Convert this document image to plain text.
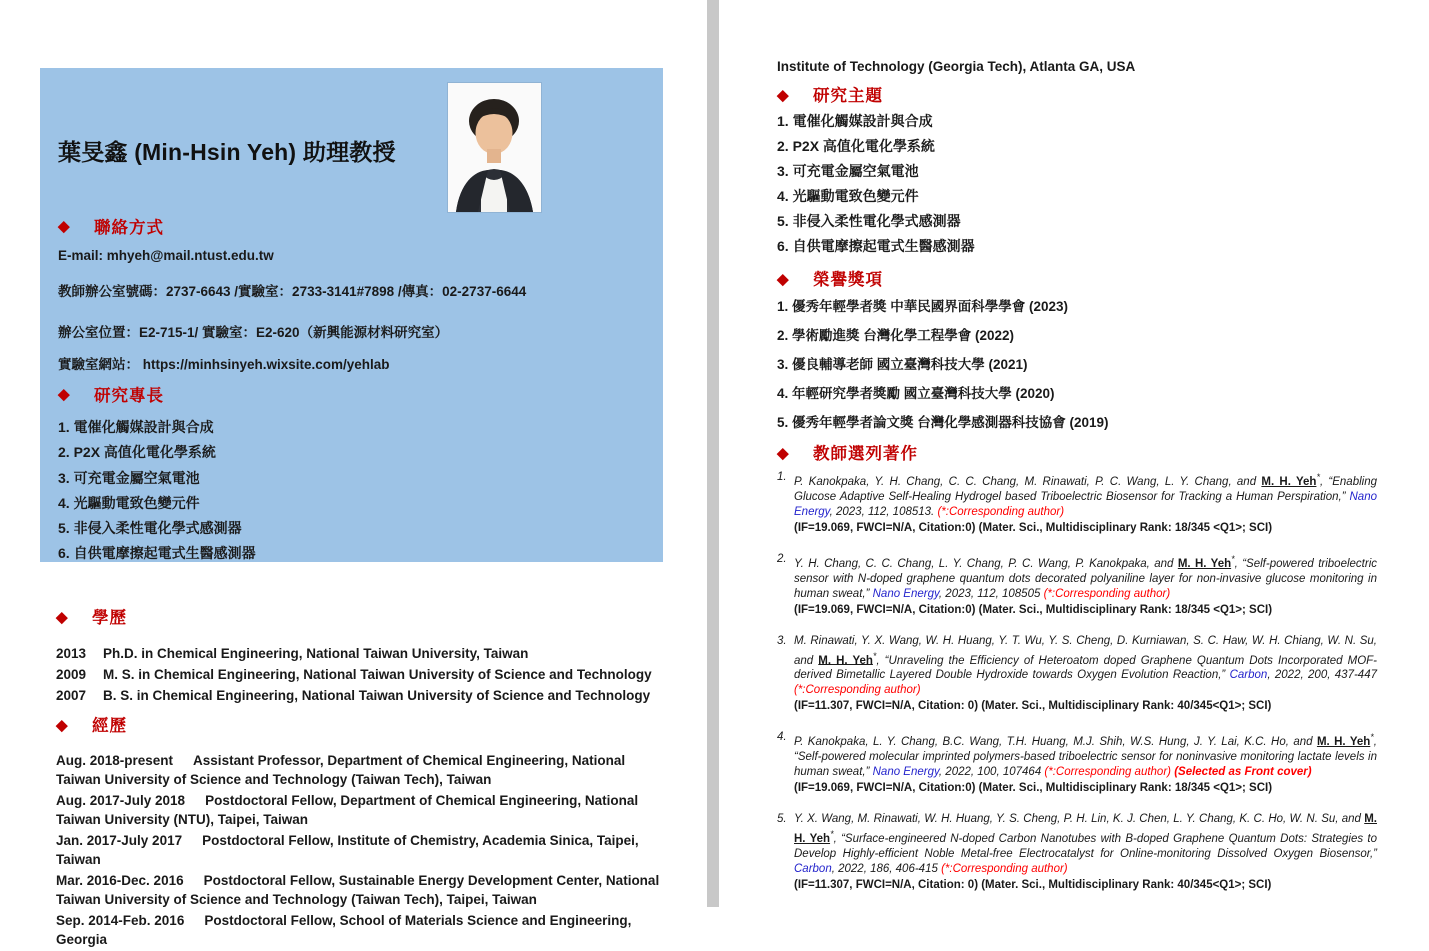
葉旻鑫 (Min-Hsin Yeh) 助理教授
◆	聯絡方式

E-mail: mhyeh@mail.ntust.edu.tw

教師辦公室號碼：2737-6643 /實驗室：2733-3141#7898 /傳真：02-2737-6644

辦公室位置：E2-715-1/ 實驗室：E2-620（新興能源材料研究室）

實驗室網站： https://minhsinyeh.wixsite.com/yehlab

◆	研究專長

1. 電催化觸媒設計與合成

2. P2X 高值化電化學系統

3. 可充電金屬空氣電池

4. 光驅動電致色變元件

5. 非侵入柔性電化學式感測器

6. 自供電摩擦起電式生醫感測器

◆	學歷
2013	Ph.D. in Chemical Engineering, National Taiwan University, Taiwan
2009	M. S. in Chemical Engineering, National Taiwan University of Science and Technology
2007	B. S. in Chemical Engineering, National Taiwan University of Science and Technology
◆	經歷

Aug. 2018-present Assistant Professor, Department of Chemical Engineering, National Taiwan University of Science and Technology (Taiwan Tech), Taiwan

Aug. 2017-July 2018 Postdoctoral Fellow, Department of Chemical Engineering, National Taiwan University (NTU), Taipei, Taiwan

Jan. 2017-July 2017 Postdoctoral Fellow, Institute of Chemistry, Academia Sinica, Taipei, Taiwan

Mar. 2016-Dec. 2016 Postdoctoral Fellow, Sustainable Energy Development Center, National Taiwan University of Science and Technology (Taiwan Tech), Taipei, Taiwan

Sep. 2014-Feb. 2016 Postdoctoral Fellow, School of Materials Science and Engineering, Georgia

Institute of Technology (Georgia Tech), Atlanta GA, USA

◆	研究主題

1. 電催化觸媒設計與合成

2. P2X 高值化電化學系統

3. 可充電金屬空氣電池

4. 光驅動電致色變元件

5. 非侵入柔性電化學式感測器

6. 自供電摩擦起電式生醫感測器

◆	榮譽獎項

1. 優秀年輕學者獎 中華民國界面科學學會 (2023)

2. 學術勵進獎 台灣化學工程學會 (2022)

3. 優良輔導老師 國立臺灣科技大學 (2021)

4. 年輕研究學者獎勵 國立臺灣科技大學 (2020)

5. 優秀年輕學者論文獎 台灣化學感測器科技協會 (2019)

◆	教師選列著作
1. P. Kanokpaka, Y. H. Chang, C. C. Chang, M. Rinawati, P. C. Wang, L. Y. Chang, and M. H. Yeh*, “Enabling Glucose Adaptive Self-Healing Hydrogel based Triboelectric Biosensor for Tracking a Human Perspiration,” Nano Energy, 2023, 112, 108513. (*:Corresponding author)

(IF=19.069, FWCI=N/A, Citation:0) (Mater. Sci., Multidisciplinary Rank: 18/345 <Q1>; SCI)

2. Y. H. Chang, C. C. Chang, L. Y. Chang, P. C. Wang, P. Kanokpaka, and M. H. Yeh*, “Self-powered triboelectric sensor with N-doped graphene quantum dots decorated polyaniline layer for non-invasive glucose monitoring in human sweat,” Nano Energy, 2023, 112, 108505 (*:Corresponding author)

(IF=19.069, FWCI=N/A, Citation:0) (Mater. Sci., Multidisciplinary Rank: 18/345 <Q1>; SCI)

3. M. Rinawati, Y. X. Wang, W. H. Huang, Y. T. Wu, Y. S. Cheng, D. Kurniawan, S. C. Haw, W. H. Chiang, W. N. Su, and M. H. Yeh*, “Unraveling the Efficiency of Heteroatom doped Graphene Quantum Dots Incorporated MOF-derived Bimetallic Layered Double Hydroxide towards Oxygen Evolution Reaction,” Carbon, 2022, 200, 437-447 (*:Corresponding author)

(IF=11.307, FWCI=N/A, Citation: 0) (Mater. Sci., Multidisciplinary Rank: 40/345<Q1>; SCI)

4. P. Kanokpaka, L. Y. Chang, B.C. Wang, T.H. Huang, M.J. Shih, W.S. Hung, J. Y. Lai, K.C. Ho, and M. H. Yeh*, “Self-powered molecular imprinted polymers-based triboelectric sensor for noninvasive monitoring lactate levels in human sweat,” Nano Energy, 2022, 100, 107464 (*:Corresponding author) (Selected as Front cover)

(IF=19.069, FWCI=N/A, Citation:0) (Mater. Sci., Multidisciplinary Rank: 18/345 <Q1>; SCI)

5. Y. X. Wang, M. Rinawati, W. H. Huang, Y. S. Cheng, P. H. Lin, K. J. Chen, L. Y. Chang, K. C. Ho, W. N. Su, and M. H. Yeh*, “Surface-engineered N-doped Carbon Nanotubes with B-doped Graphene Quantum Dots: Strategies to Develop Highly-efficient Noble Metal-free Electrocatalyst for Online-monitoring Dissolved Oxygen Biosensor,” Carbon, 2022, 186, 406-415 (*:Corresponding author)

(IF=11.307, FWCI=N/A, Citation: 0) (Mater. Sci., Multidisciplinary Rank: 40/345<Q1>; SCI)
